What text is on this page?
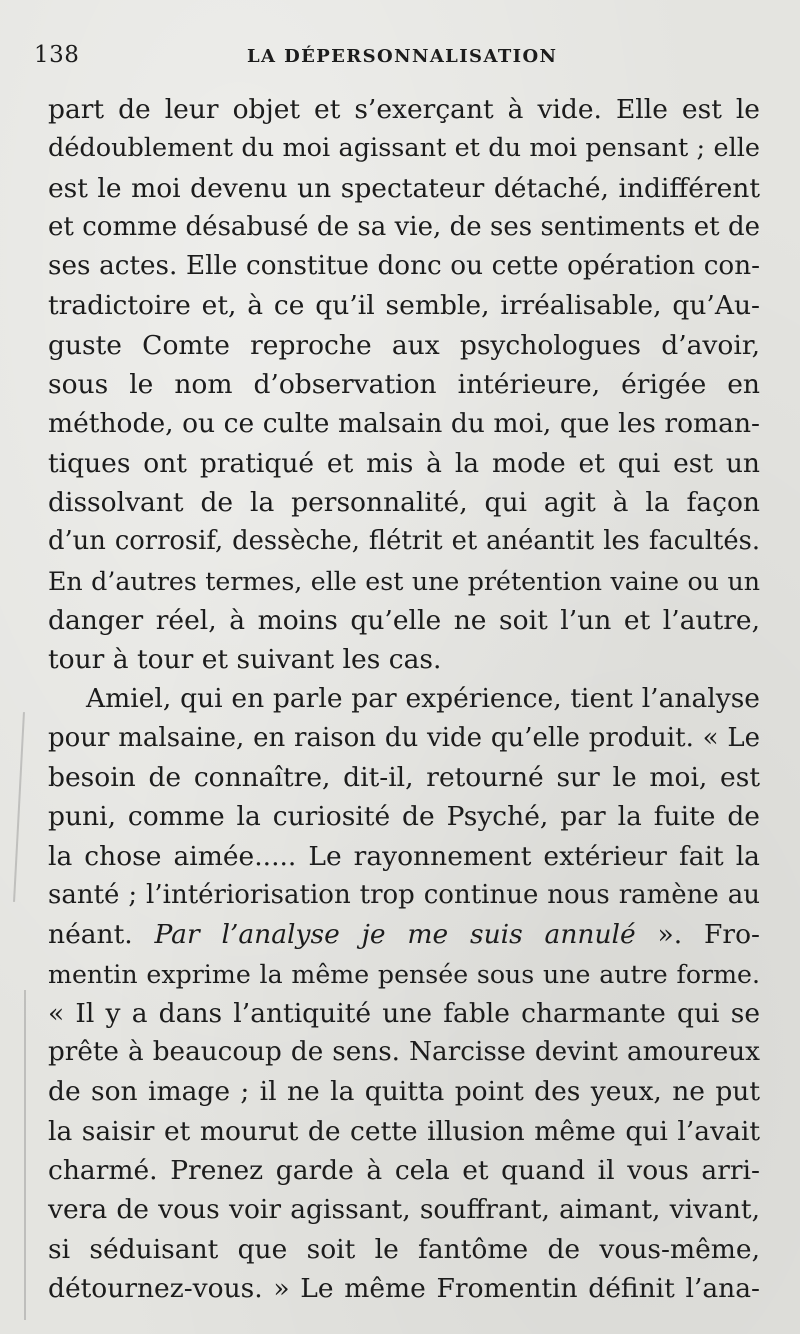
138	LA DÉPERSONNALISATION
part de leur objet et s’exerçant à vide. Elle est le
dédoublement du moi agissant et du moi pensant ; elle
est le moi devenu un spectateur détaché, indifférent
et comme désabusé de sa vie, de ses sentiments et de
ses actes. Elle constitue donc ou cette opération con-
tradictoire et, à ce qu’il semble, irréalisable, qu’Au-
guste Comte reproche aux psychologues d’avoir,
sous le nom d’observation intérieure, érigée en
méthode, ou ce culte malsain du moi, que les roman-
tiques ont pratiqué et mis à la mode et qui est un
dissolvant de la personnalité, qui agit à la façon
d’un corrosif, dessèche, flétrit et anéantit les facultés.
En d’autres termes, elle est une prétention vaine ou un
danger réel, à moins qu’elle ne soit l’un et l’autre,
tour à tour et suivant les cas.
Amiel, qui en parle par expérience, tient l’analyse
pour malsaine, en raison du vide qu’elle produit. « Le
besoin de connaître, dit-il, retourné sur le moi, est
puni, comme la curiosité de Psyché, par la fuite de
la chose aimée..... Le rayonnement extérieur fait la
santé ; l’intériorisation trop continue nous ramène au
néant. Par l’analyse je me suis annulé ». Fro-
mentin exprime la même pensée sous une autre forme.
« Il y a dans l’antiquité une fable charmante qui se
prête à beaucoup de sens. Narcisse devint amoureux
de son image ; il ne la quitta point des yeux, ne put
la saisir et mourut de cette illusion même qui l’avait
charmé. Prenez garde à cela et quand il vous arri-
vera de vous voir agissant, souffrant, aimant, vivant,
si séduisant que soit le fantôme de vous-même,
détournez-vous. » Le même Fromentin définit l’ana-
